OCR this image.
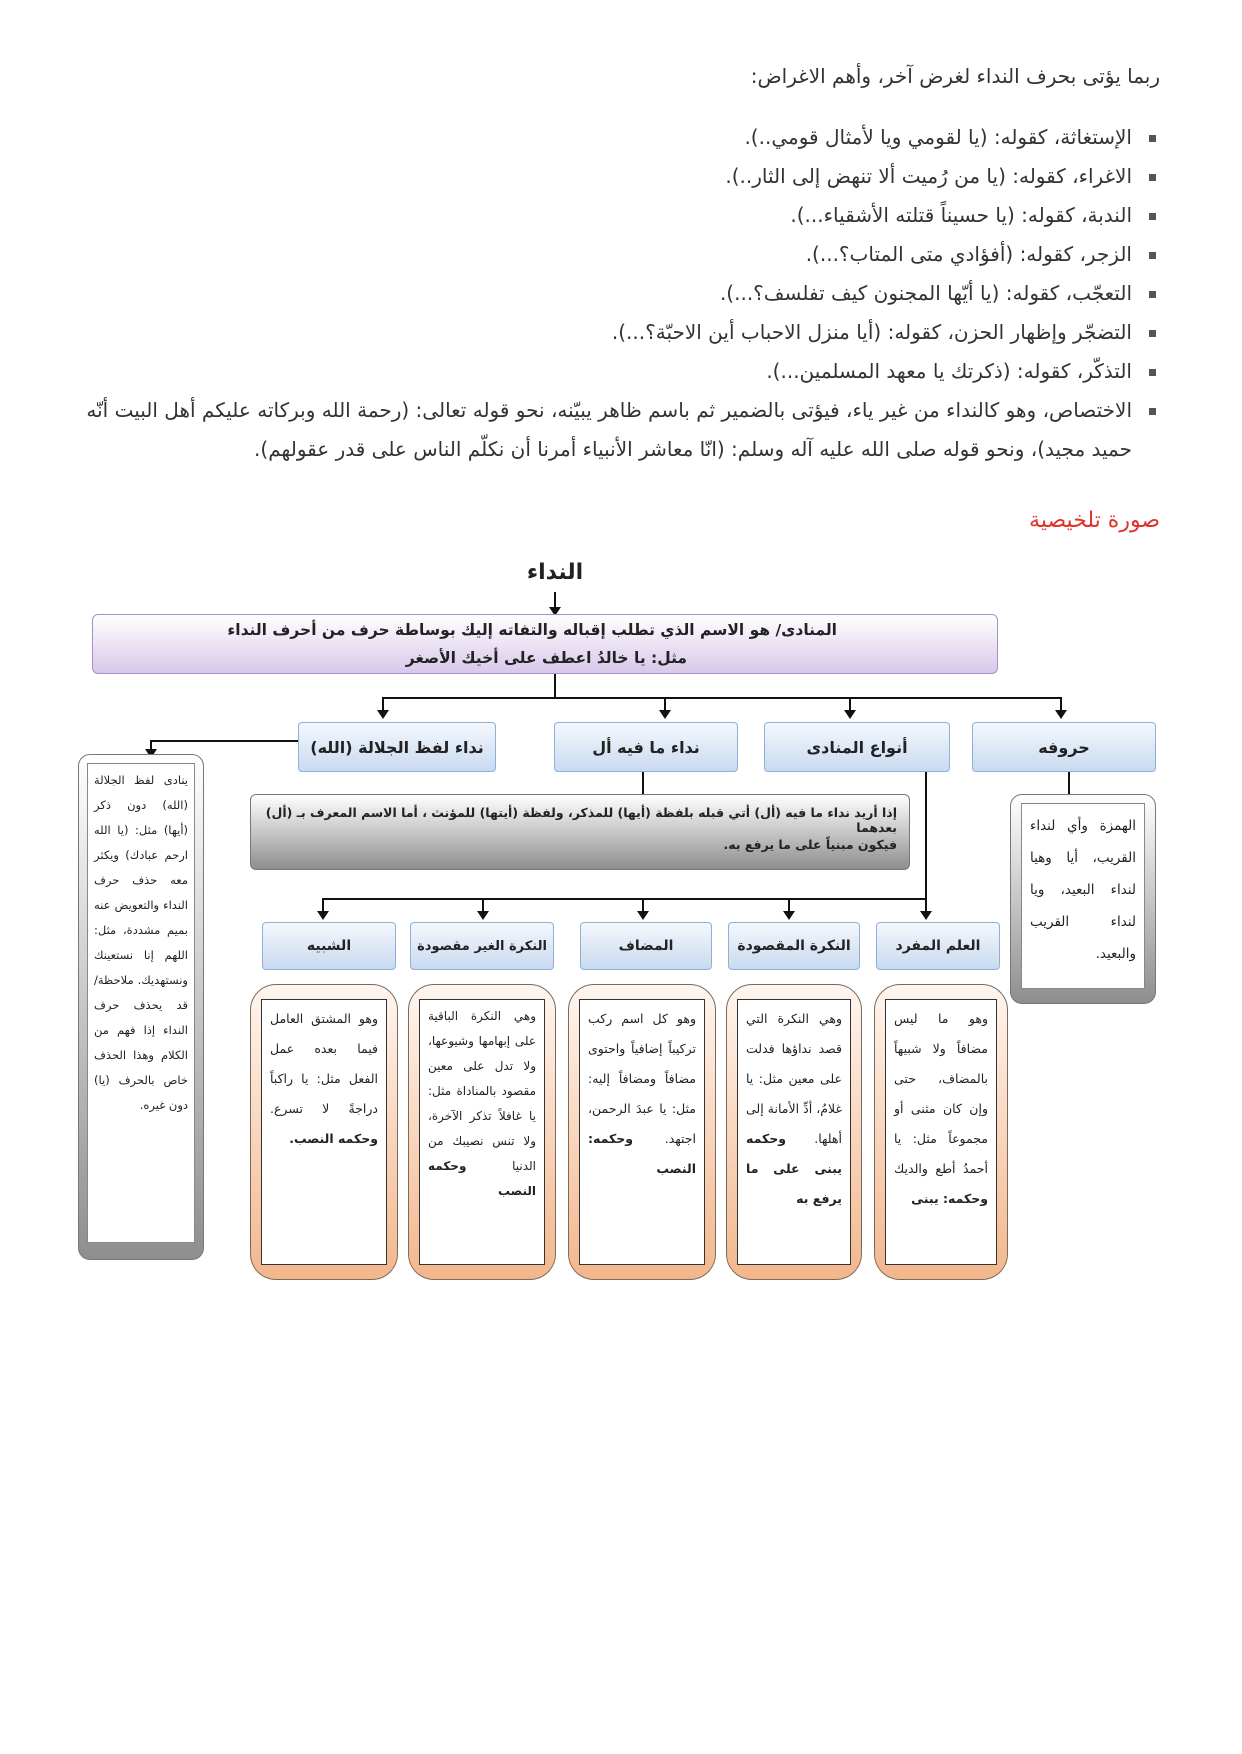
ربما يؤتى بحرف النداء لغرض آخر، وأهم الاغراض:
الإستغاثة، كقوله: (يا لقومي ويا لأمثال قومي..).
الاغراء، كقوله: (يا من رُميت ألا تنهض إلى الثار..).
الندبة، كقوله: (يا حسيناً قتلته الأشقياء...).
الزجر، كقوله: (أفؤادي متى المتاب؟...).
التعجّب، كقوله: (يا أيّها المجنون كيف تفلسف؟...).
التضجّر وإظهار الحزن، كقوله: (أيا منزل الاحباب أين الاحبّة؟...).
التذكّر، كقوله: (ذكرتك يا معهد المسلمين...).
الاختصاص، وهو كالنداء من غير ياء، فيؤتى بالضمير ثم باسم ظاهر يبيّنه، نحو قوله تعالى: (رحمة الله وبركاته عليكم أهل البيت أنّه حميد مجيد)، ونحو قوله صلى الله عليه آله وسلم: (انّا معاشر الأنبياء أمرنا أن نكلّم الناس على قدر عقولهم).
صورة تلخيصية
النداء
المنادى/ هو الاسم الذي تطلب إقباله والتفاته إليك بوساطة حرف من أحرف النداء
مثل: يا خالدُ اعطف على أخيك الأصغر
حروفه
أنواع المنادى
نداء ما فيه أل
نداء لفظ الجلالة (الله)
الهمزة وأي لنداء القريب، أيا وهيا لنداء البعيد، ويا لنداء القريب والبعيد.
إذا أريد نداء ما فيه (أل) أتي قبله بلفظة (أيها) للمذكر، ولفظة (أيتها) للمؤنث ، أما الاسم المعرف بـ (أل) بعدهما
فيكون مبنياً على ما يرفع به.
العلم المفرد
النكرة المقصودة
المضاف
النكرة الغير مقصودة
الشبيه
وهو ما ليس مضافاً ولا شبيهاً بالمضاف، حتى وإن كان مثنى أو مجموعاً مثل: يا أحمدُ أطع والديك وحكمه: يبنى
وهي النكرة التي قصد نداؤها فدلت على معين مثل: يا غلامُ، أدِّ الأمانة إلى أهلها. وحكمه يبنى على ما يرفع به
وهو كل اسم ركب تركيباً إضافياً واحتوى مضافاً ومضافاً إليه: مثل: يا عبدَ الرحمن، اجتهد. وحكمه: النصب
وهي النكرة الباقية على إبهامها وشيوعها، ولا تدل على معين مقصود بالمناداة مثل: يا غافلاً تذكر الآخرة، ولا تنس نصيبك من الدنيا وحكمه النصب
وهو المشتق العامل فيما بعده عمل الفعل مثل: يا راكباً دراجةً لا تسرع. وحكمه النصب.
ينادى لفظ الجلالة (الله) دون ذكر (أيها) مثل: (يا الله ارحم عبادك) ويكثر معه حذف حرف النداء والتعويض عنه بميم مشددة، مثل: اللهم إنا نستعينك ونستهديك. ملاحظة/ قد يحذف حرف النداء إذا فهم من الكلام وهذا الحذف خاص بالحرف (يا) دون غيره.
